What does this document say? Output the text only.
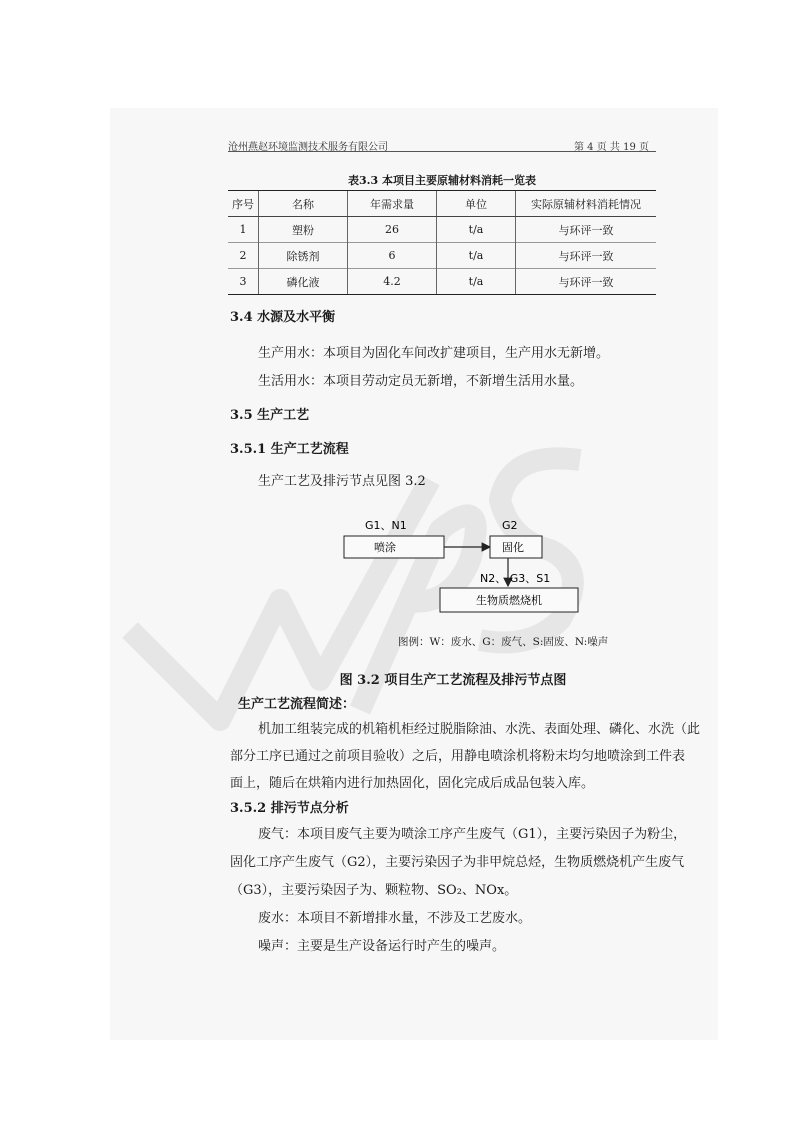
沧州燕赵环境监测技术服务有限公司	第 4 页 共 19 页
表3.3 本项目主要原辅材料消耗一览表
序号	名称	年需求量	单位	实际原辅材料消耗情况
1	塑粉	26	t/a	与环评一致
2	除锈剂	6	t/a	与环评一致
3	磷化液	4.2	t/a	与环评一致
3.4 水源及水平衡
生产用水：本项目为固化车间改扩建项目，生产用水无新增。
生活用水：本项目劳动定员无新增，不新增生活用水量。
3.5 生产工艺
3.5.1 生产工艺流程
生产工艺及排污节点见图 3.2
G1、N1
喷涂
G2
固化
N2、 G3、S1
生物质燃烧机
图例：W：废水、G：废气、S:固废、N:噪声
图 3.2 项目生产工艺流程及排污节点图
生产工艺流程简述：
机加工组装完成的机箱机柜经过脱脂除油、水洗、表面处理、磷化、水洗（此
部分工序已通过之前项目验收）之后，用静电喷涂机将粉末均匀地喷涂到工件表
面上，随后在烘箱内进行加热固化，固化完成后成品包装入库。
3.5.2 排污节点分析
废气：本项目废气主要为喷涂工序产生废气（G1），主要污染因子为粉尘，
固化工序产生废气（G2），主要污染因子为非甲烷总烃，生物质燃烧机产生废气
（G3），主要污染因子为、颗粒物、SO₂、NOx。
废水：本项目不新增排水量，不涉及工艺废水。
噪声：主要是生产设备运行时产生的噪声。
